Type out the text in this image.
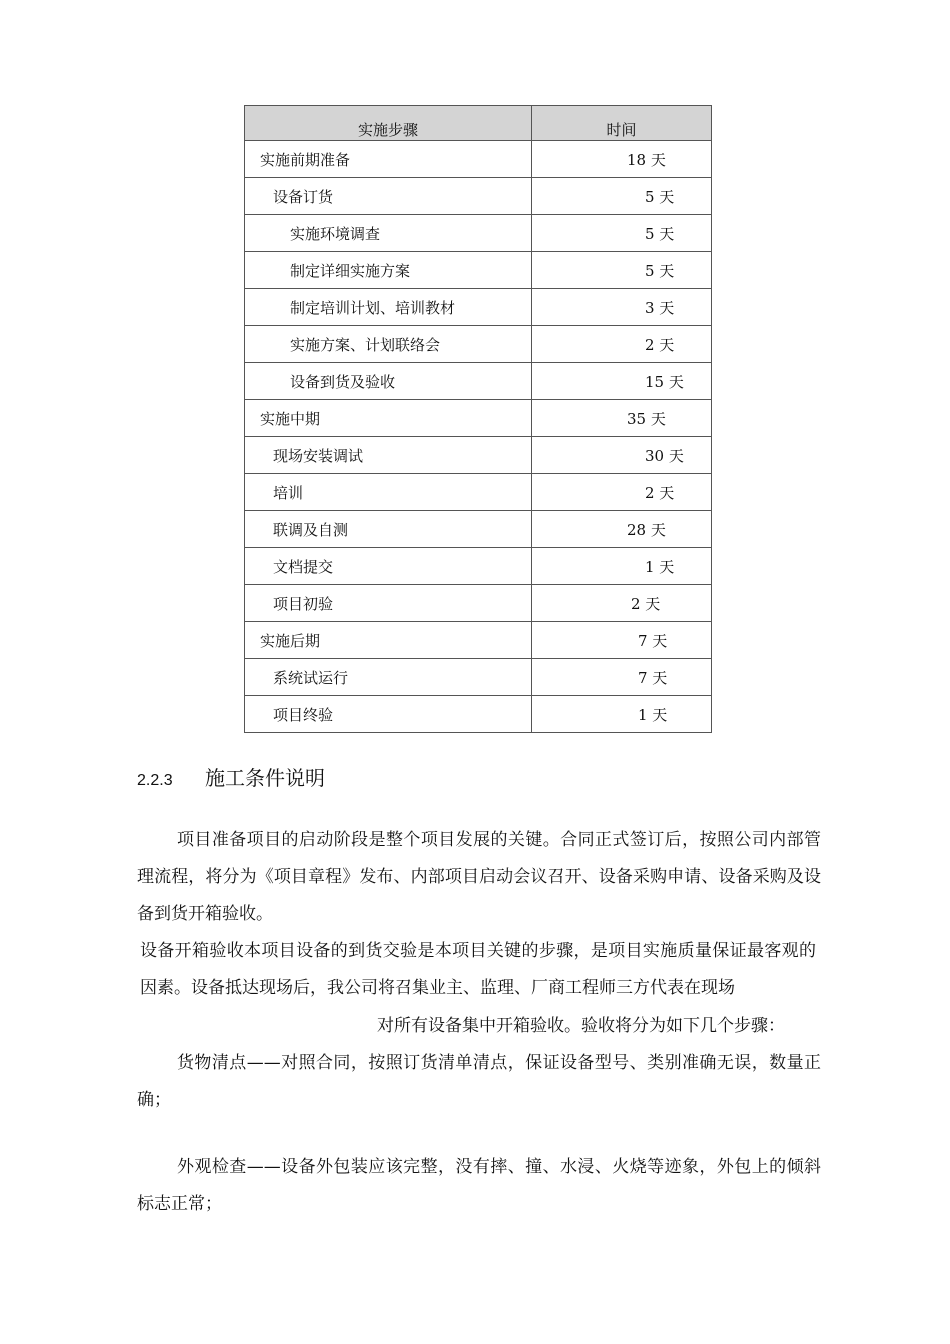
实施步骤	时间
实施前期准备	18 天
设备订货	5 天
实施环境调查	5 天
制定详细实施方案	5 天
制定培训计划、培训教材	3 天
实施方案、计划联络会	2 天
设备到货及验收	15 天
实施中期	35 天
现场安装调试	30 天
培训	2 天
联调及自测	28 天
文档提交	1 天
项目初验	2 天
实施后期	7 天
系统试运行	7 天
项目终验	1 天
2.2.3 施工条件说明

项目准备项目的启动阶段是整个项目发展的关键。合同正式签订后，按照公司内部管理流程，将分为《项目章程》发布、内部项目启动会议召开、设备采购申请、设备采购及设备到货开箱验收。

设备开箱验收本项目设备的到货交验是本项目关键的步骤，是项目实施质量保证最客观的因素。设备抵达现场后，我公司将召集业主、监理、厂商工程师三方代表在现场

对所有设备集中开箱验收。验收将分为如下几个步骤：

货物清点——对照合同，按照订货清单清点，保证设备型号、类别准确无误，数量正确；

外观检查——设备外包装应该完整，没有摔、撞、水浸、火烧等迹象，外包上的倾斜标志正常；
